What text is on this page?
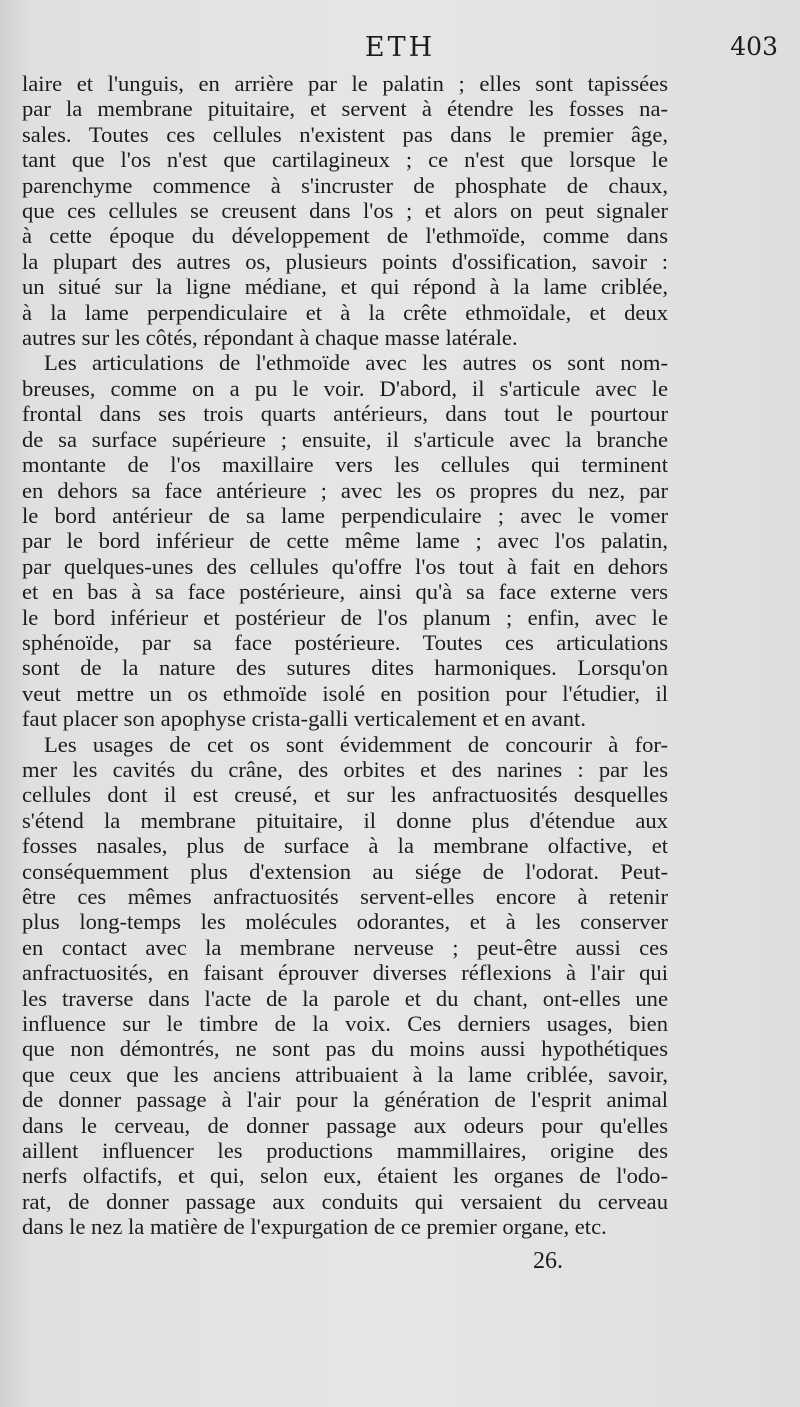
ETH	403
laire et l'unguis, en arrière par le palatin ; elles sont tapissées
par la membrane pituitaire, et servent à étendre les fosses na-
sales. Toutes ces cellules n'existent pas dans le premier âge,
tant que l'os n'est que cartilagineux ; ce n'est que lorsque le
parenchyme commence à s'incruster de phosphate de chaux,
que ces cellules se creusent dans l'os ; et alors on peut signaler
à cette époque du développement de l'ethmoïde, comme dans
la plupart des autres os, plusieurs points d'ossification, savoir :
un situé sur la ligne médiane, et qui répond à la lame criblée,
à la lame perpendiculaire et à la crête ethmoïdale, et deux
autres sur les côtés, répondant à chaque masse latérale.
Les articulations de l'ethmoïde avec les autres os sont nom-
breuses, comme on a pu le voir. D'abord, il s'articule avec le
frontal dans ses trois quarts antérieurs, dans tout le pourtour
de sa surface supérieure ; ensuite, il s'articule avec la branche
montante de l'os maxillaire vers les cellules qui terminent
en dehors sa face antérieure ; avec les os propres du nez, par
le bord antérieur de sa lame perpendiculaire ; avec le vomer
par le bord inférieur de cette même lame ; avec l'os palatin,
par quelques-unes des cellules qu'offre l'os tout à fait en dehors
et en bas à sa face postérieure, ainsi qu'à sa face externe vers
le bord inférieur et postérieur de l'os planum ; enfin, avec le
sphénoïde, par sa face postérieure. Toutes ces articulations
sont de la nature des sutures dites harmoniques. Lorsqu'on
veut mettre un os ethmoïde isolé en position pour l'étudier, il
faut placer son apophyse crista-galli verticalement et en avant.
Les usages de cet os sont évidemment de concourir à for-
mer les cavités du crâne, des orbites et des narines : par les
cellules dont il est creusé, et sur les anfractuosités desquelles
s'étend la membrane pituitaire, il donne plus d'étendue aux
fosses nasales, plus de surface à la membrane olfactive, et
conséquemment plus d'extension au siége de l'odorat. Peut-
être ces mêmes anfractuosités servent-elles encore à retenir
plus long-temps les molécules odorantes, et à les conserver
en contact avec la membrane nerveuse ; peut-être aussi ces
anfractuosités, en faisant éprouver diverses réflexions à l'air qui
les traverse dans l'acte de la parole et du chant, ont-elles une
influence sur le timbre de la voix. Ces derniers usages, bien
que non démontrés, ne sont pas du moins aussi hypothétiques
que ceux que les anciens attribuaient à la lame criblée, savoir,
de donner passage à l'air pour la génération de l'esprit animal
dans le cerveau, de donner passage aux odeurs pour qu'elles
aillent influencer les productions mammillaires, origine des
nerfs olfactifs, et qui, selon eux, étaient les organes de l'odo-
rat, de donner passage aux conduits qui versaient du cerveau
dans le nez la matière de l'expurgation de ce premier organe, etc.
26.
